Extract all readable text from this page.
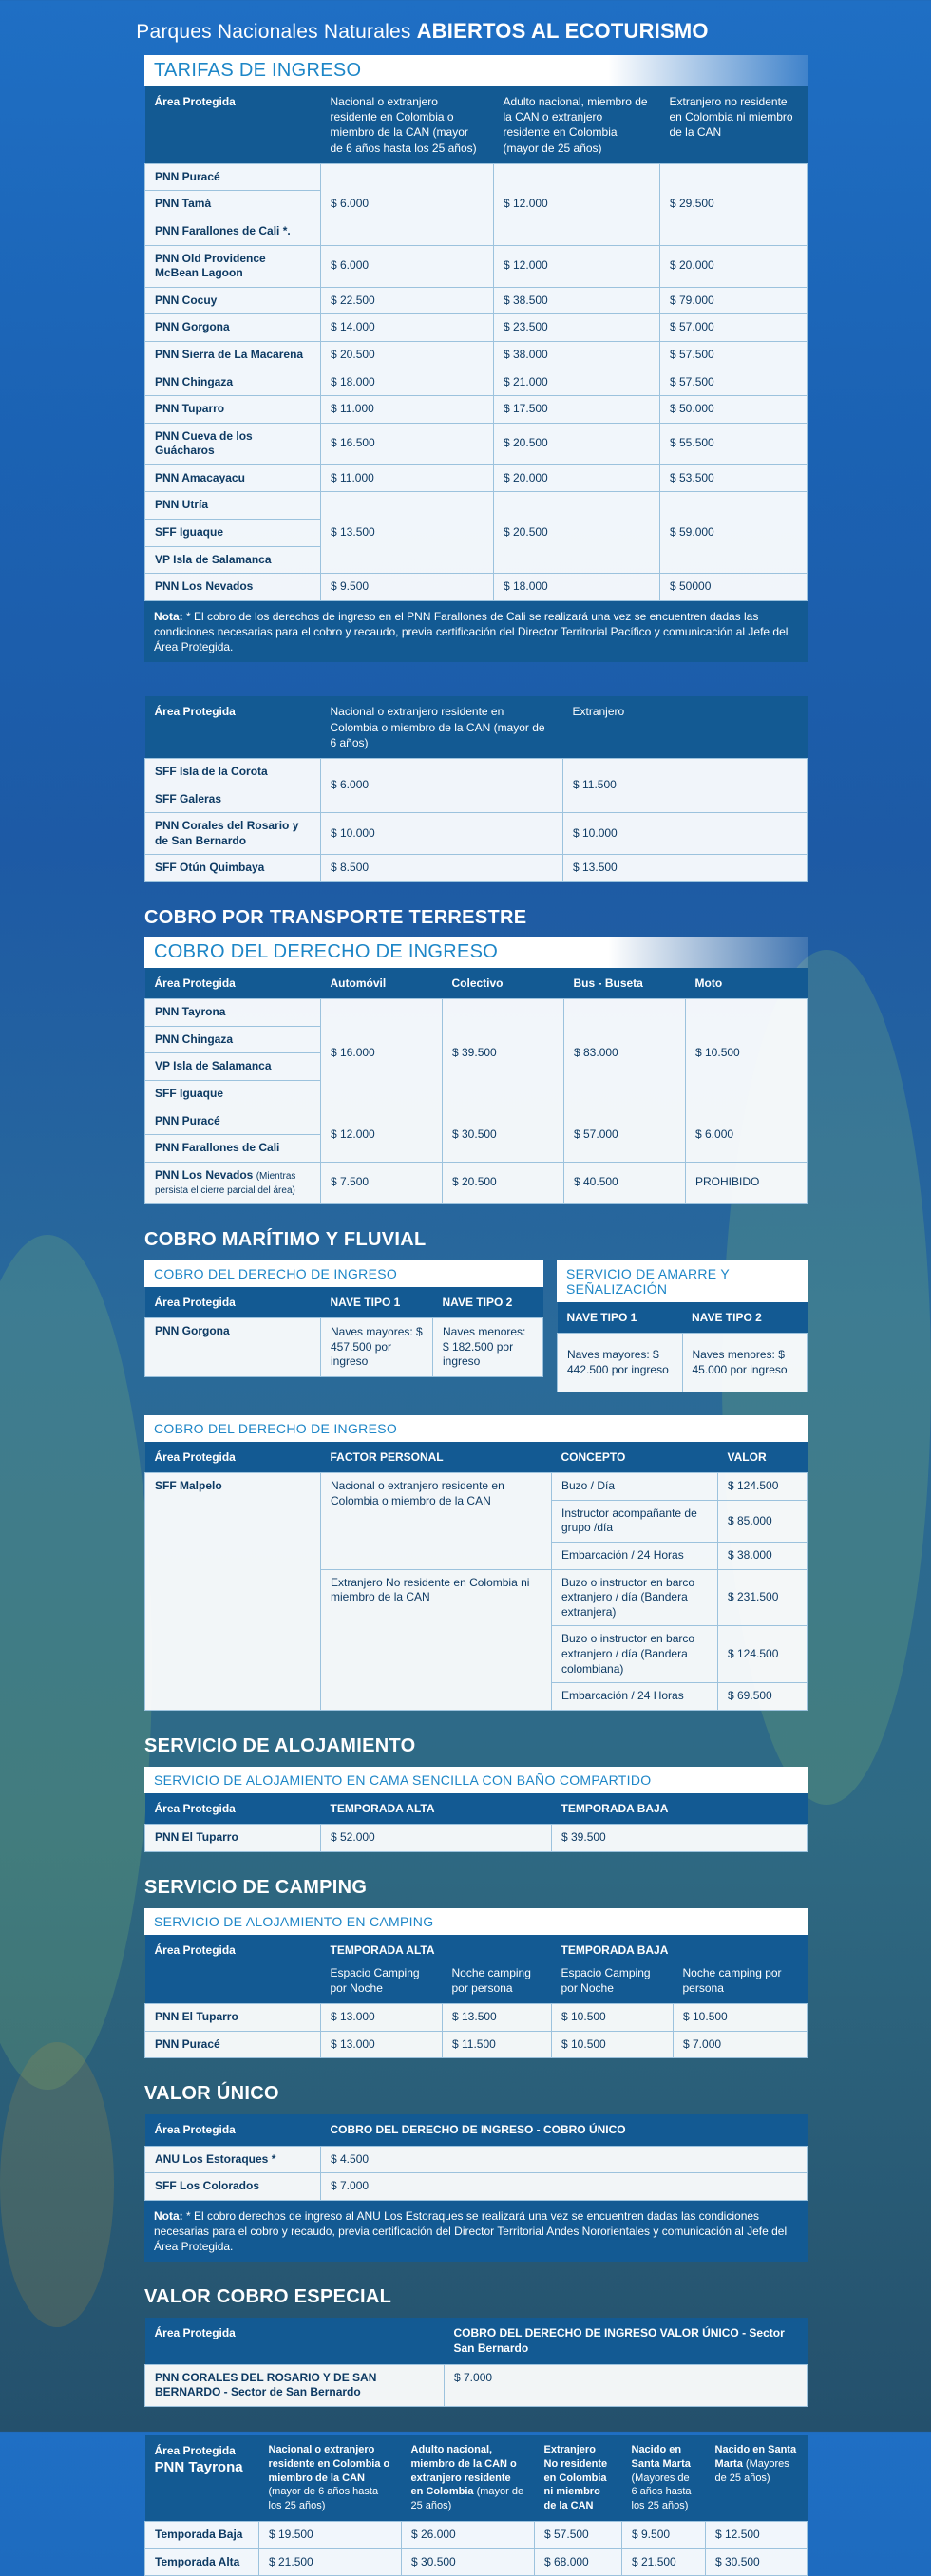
Parques Nacionales Naturales ABIERTOS AL ECOTURISMO
TARIFAS DE INGRESO
Área Protegida	Nacional o extranjero residente en Colombia o miembro de la CAN (mayor de 6 años hasta los 25 años)	Adulto nacional, miembro de la CAN o extranjero residente en Colombia (mayor de 25 años)	Extranjero no residente en Colombia ni miembro de la CAN
PNN Puracé	$ 6.000	$ 12.000	$ 29.500
PNN Tamá			
PNN Farallones de Cali *.			
PNN Old Providence McBean Lagoon	$ 6.000	$ 12.000	$ 20.000
PNN Cocuy	$ 22.500	$ 38.500	$ 79.000
PNN Gorgona	$ 14.000	$ 23.500	$ 57.000
PNN Sierra de La Macarena	$ 20.500	$ 38.000	$ 57.500
PNN Chingaza	$ 18.000	$ 21.000	$ 57.500
PNN Tuparro	$ 11.000	$ 17.500	$ 50.000
PNN Cueva de los Guácharos	$ 16.500	$ 20.500	$ 55.500
PNN Amacayacu	$ 11.000	$ 20.000	$ 53.500
PNN Utría	$ 13.500	$ 20.500	$ 59.000
SFF Iguaque			
VP Isla de Salamanca			
PNN Los Nevados	$ 9.500	$ 18.000	$ 50000
Nota: * El cobro de los derechos de ingreso en el PNN Farallones de Cali se realizará una vez se encuentren dadas las condiciones necesarias para el cobro y recaudo, previa certificación del Director Territorial Pacífico y comunicación al Jefe del Área Protegida.
Área Protegida	Nacional o extranjero residente en Colombia o miembro de la CAN (mayor de 6 años)	Extranjero
SFF Isla de la Corota	$ 6.000	$ 11.500
SFF Galeras		
PNN Corales del Rosario y de San Bernardo	$ 10.000	$ 10.000
SFF Otún Quimbaya	$ 8.500	$ 13.500
COBRO POR TRANSPORTE TERRESTRE
COBRO DEL DERECHO DE INGRESO
Área Protegida	Automóvil	Colectivo	Bus - Buseta	Moto
PNN Tayrona	$ 16.000	$ 39.500	$ 83.000	$ 10.500
PNN Chingaza				
VP Isla de Salamanca				
SFF Iguaque				
PNN Puracé	$ 12.000	$ 30.500	$ 57.000	$ 6.000
PNN Farallones de Cali				
PNN Los Nevados (Mientras persista el cierre parcial del área)	$ 7.500	$ 20.500	$ 40.500	PROHIBIDO
COBRO MARÍTIMO Y FLUVIAL
COBRO DEL DERECHO DE INGRESO
Área Protegida	NAVE TIPO 1	NAVE TIPO 2
PNN Gorgona	Naves mayores: $ 457.500 por ingreso	Naves menores: $ 182.500 por ingreso
SERVICIO DE AMARRE Y SEÑALIZACIÓN
NAVE TIPO 1	NAVE TIPO 2
Naves mayores: $ 442.500 por ingreso	Naves menores: $ 45.000 por ingreso
COBRO DEL DERECHO DE INGRESO
Área Protegida	FACTOR PERSONAL	CONCEPTO	VALOR
SFF Malpelo	Nacional o extranjero residente en Colombia o miembro de la CAN	Buzo / Día	$ 124.500
		Instructor acompañante de grupo /día	$ 85.000
		Embarcación / 24 Horas	$ 38.000
	Extranjero No residente en Colombia ni miembro de la CAN	Buzo o instructor en barco extranjero / día (Bandera extranjera)	$ 231.500
		Buzo o instructor en barco extranjero / día (Bandera colombiana)	$ 124.500
		Embarcación / 24 Horas	$ 69.500
SERVICIO DE ALOJAMIENTO
SERVICIO DE ALOJAMIENTO EN CAMA SENCILLA CON BAÑO COMPARTIDO
Área Protegida	TEMPORADA ALTA	TEMPORADA BAJA
PNN El Tuparro	$ 52.000	$ 39.500
SERVICIO DE CAMPING
SERVICIO DE ALOJAMIENTO EN CAMPING
Área Protegida	TEMPORADA ALTA		TEMPORADA BAJA	
	Espacio Camping por Noche	Noche camping por persona	Espacio Camping por Noche	Noche camping por persona
PNN El Tuparro	$ 13.000	$ 13.500	$ 10.500	$ 10.500
PNN Puracé	$ 13.000	$ 11.500	$ 10.500	$ 7.000
VALOR ÚNICO
Área Protegida	COBRO DEL DERECHO DE INGRESO - COBRO ÚNICO
ANU Los Estoraques *	$ 4.500
SFF Los Colorados	$ 7.000
Nota: * El cobro derechos de ingreso al ANU Los Estoraques se realizará una vez se encuentren dadas las condiciones necesarias para el cobro y recaudo, previa certificación del Director Territorial Andes Nororientales y comunicación al Jefe del Área Protegida.
VALOR COBRO ESPECIAL
Área Protegida	COBRO DEL DERECHO DE INGRESO VALOR ÚNICO - Sector San Bernardo
PNN CORALES DEL ROSARIO Y DE SAN BERNARDO - Sector de San Bernardo	$ 7.000
Área Protegida
PNN Tayrona	Nacional o extranjero residente en Colombia o miembro de la CAN (mayor de 6 años hasta los 25 años)	Adulto nacional, miembro de la CAN o extranjero residente en Colombia (mayor de 25 años)	Extranjero No residente en Colombia ni miembro de la CAN	Nacido en Santa Marta (Mayores de 6 años hasta los 25 años)	Nacido en Santa Marta (Mayores de 25 años)
Temporada Baja	$ 19.500	$ 26.000	$ 57.500	$ 9.500	$ 12.500
Temporada Alta	$ 21.500	$ 30.500	$ 68.000	$ 21.500	$ 30.500
